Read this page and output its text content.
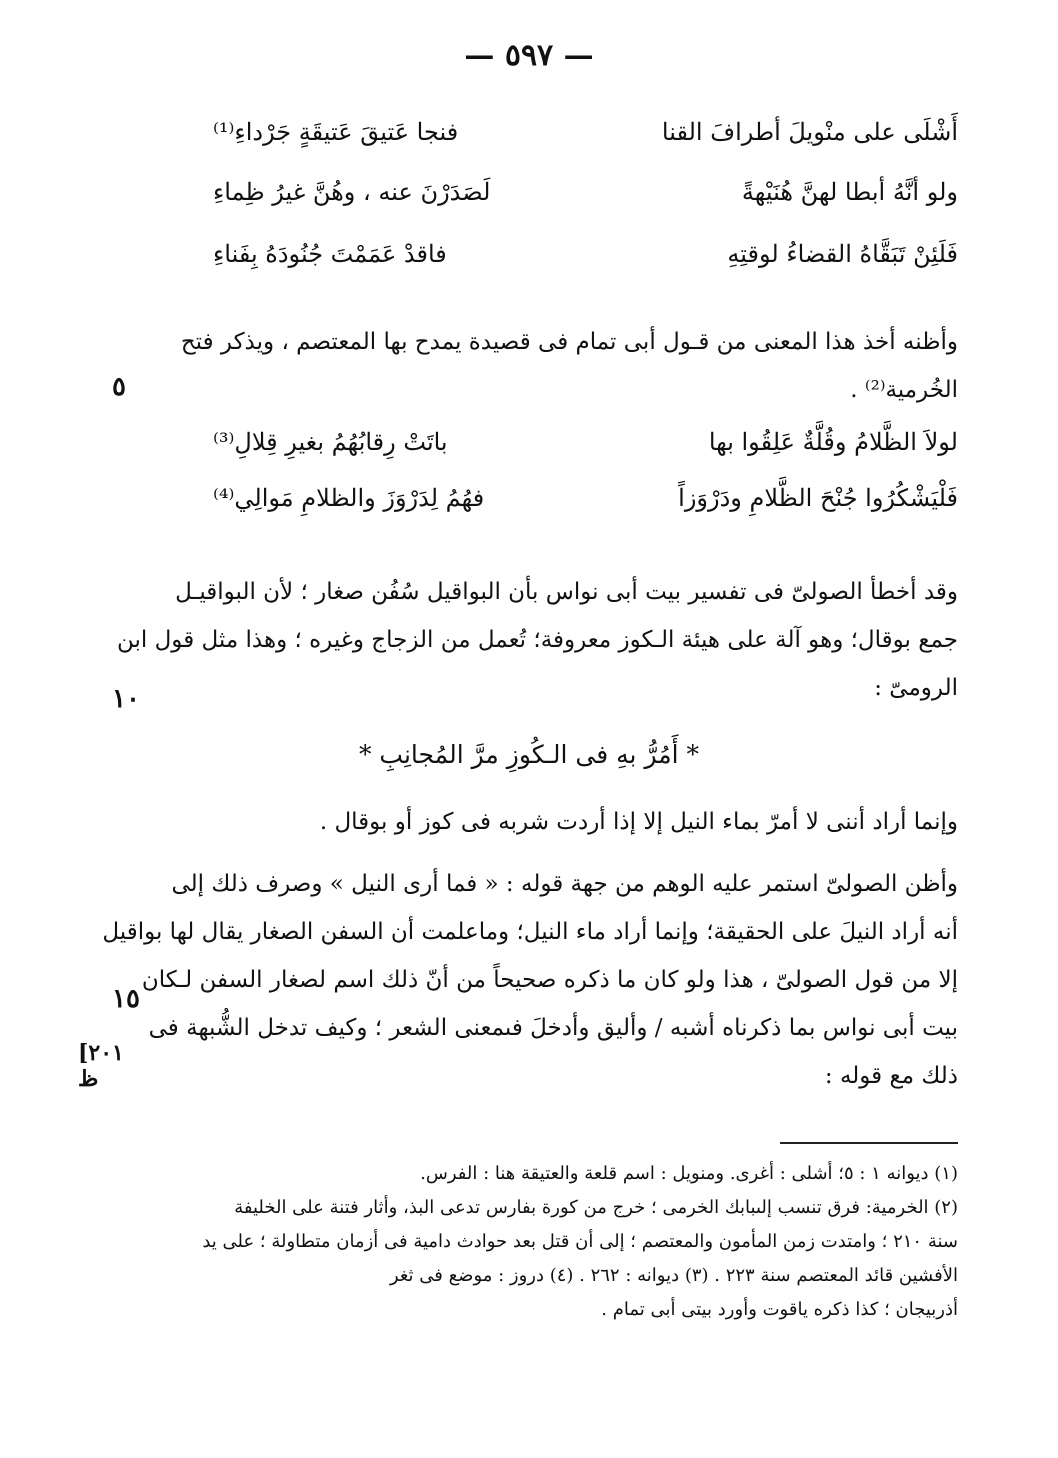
— ٥٩٧ —
أَشْلَى على منْويلَ أطرافَ القنا
فنجا عَتيقَ عَتيقَةٍ جَرْداءِ⁽¹⁾
ولو أنَّهُ أبطا لهنَّ هُنَيْهةً
لَصَدَرْنَ عنه ، وهُنَّ غيرُ ظِماءِ
فَلَئِنْ تَبَقَّاهُ القضاءُ لوقتِهِ
فاقدْ عَمَمْتَ جُنُودَهُ بِفَناءِ
وأظنه أخذ هذا المعنى من قـول أبى تمام فى قصيدة يمدح بها المعتصم ، ويذكر فتح
الخُرمية⁽²⁾ .
٥
لولاَ الظَّلامُ وقُلَّةٌ عَلِقُوا بها
باتَتْ رِقابُهُمُ بغيرِ قِلالِ⁽³⁾
فَلْيَشْكُرُوا جُنْحَ الظَّلامِ ودَرْوَزاً
فهُمُ لِدَرْوَزَ والظلامِ مَوالِي⁽⁴⁾
وقد أخطأ الصولىّ فى تفسير بيت أبى نواس بأن البواقيل سُفُن صغار ؛ لأن البواقيـل
جمع بوقال؛ وهو آلة على هيئة الـكوز معروفة؛ تُعمل من الزجاج وغيره ؛ وهذا مثل قول ابن
الرومىّ :
١٠
* أَمُرُّ بهِ فى الـكُوزِ مرَّ المُجانِبِ *
وإنما أراد أننى لا أمرّ بماء النيل إلا إذا أردت شربه فى كوز أو بوقال .
وأظن الصولىّ استمر عليه الوهم من جهة قوله : « فما أرى النيل » وصرف ذلك إلى
أنه أراد النيلَ على الحقيقة؛ وإنما أراد ماء النيل؛ وماعلمت أن السفن الصغار يقال لها بواقيل
إلا من قول الصولىّ ، هذا ولو كان ما ذكره صحيحاً من أنّ ذلك اسم لصغار السفن لـكان
بيت أبى نواس بما ذكرناه أشبه / وأليق وأدخلَ فىمعنى الشعر ؛ وكيف تدخل الشُّبهة فى
ذلك مع قوله :
١٥
[٢٠١
ظ
(١) ديوانه ١ : ٥؛ أشلى : أغرى. ومنويل : اسم قلعة والعتيقة هنا : الفرس.
(٢) الخرمية: فرق تنسب إلىبابك الخرمى ؛ خرج من كورة بفارس تدعى البذ، وأثار فتنة على الخليفة
سنة ٢١٠ ؛ وامتدت زمن المأمون والمعتصم ؛ إلى أن قتل بعد حوادث دامية فى أزمان متطاولة ؛ على يد
الأفشين قائد المعتصم سنة ٢٢٣ . (٣) ديوانه : ٢٦٢ . (٤) دروز : موضع فى ثغر
أذربيجان ؛ كذا ذكره ياقوت وأورد بيتى أبى تمام .
